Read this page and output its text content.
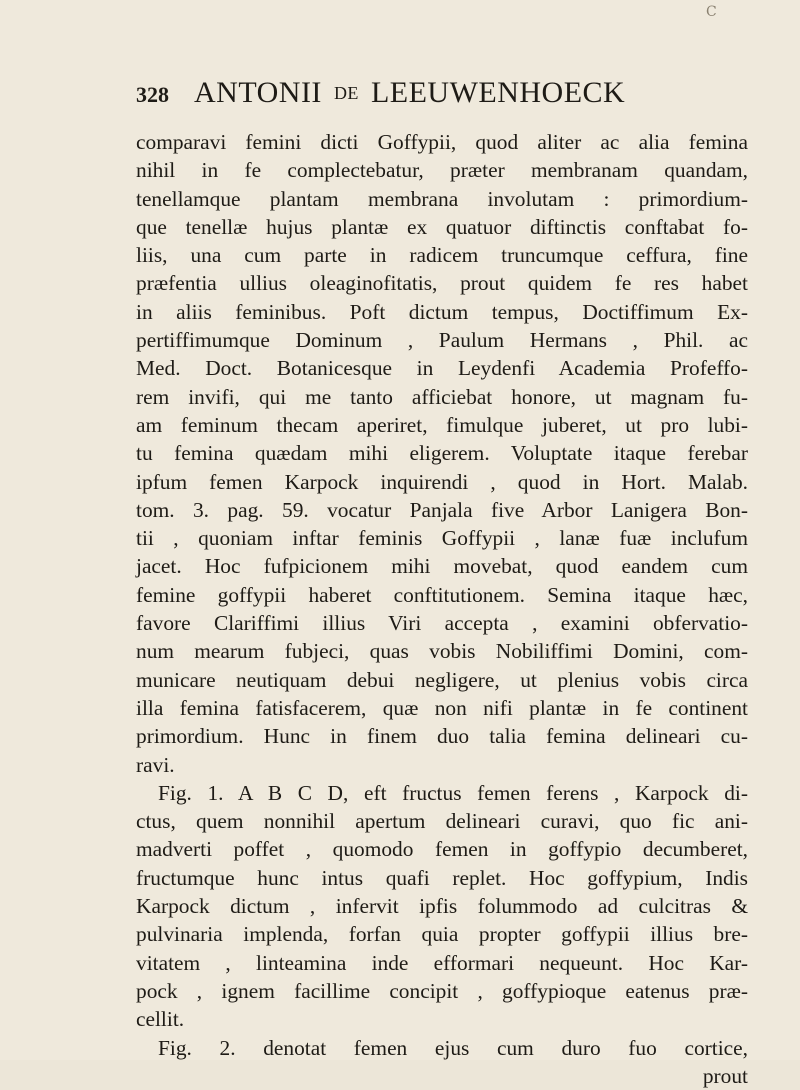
C
328 ANTONII DE LEEUWENHOECK
comparavi femini dicti Goffypii, quod aliter ac alia femina
nihil in fe complectebatur, præter membranam quandam,
tenellamque plantam membrana involutam : primordium-
que tenellæ hujus plantæ ex quatuor diftinctis conftabat fo-
liis, una cum parte in radicem truncumque ceffura, fine
præfentia ullius oleaginofitatis, prout quidem fe res habet
in aliis feminibus. Poft dictum tempus, Doctiffimum Ex-
pertiffimumque Dominum , Paulum Hermans , Phil. ac
Med. Doct. Botanicesque in Leydenfi Academia Profeffo-
rem invifi, qui me tanto afficiebat honore, ut magnam fu-
am feminum thecam aperiret, fimulque juberet, ut pro lubi-
tu femina quædam mihi eligerem. Voluptate itaque ferebar
ipfum femen Karpock inquirendi , quod in Hort. Malab.
tom. 3. pag. 59. vocatur Panjala five Arbor Lanigera Bon-
tii , quoniam inftar feminis Goffypii , lanæ fuæ inclufum
jacet. Hoc fufpicionem mihi movebat, quod eandem cum
femine goffypii haberet conftitutionem. Semina itaque hæc,
favore Clariffimi illius Viri accepta , examini obfervatio-
num mearum fubjeci, quas vobis Nobiliffimi Domini, com-
municare neutiquam debui negligere, ut plenius vobis circa
illa femina fatisfacerem, quæ non nifi plantæ in fe continent
primordium. Hunc in finem duo talia femina delineari cu-
ravi.
Fig. 1. A B C D, eft fructus femen ferens , Karpock di-
ctus, quem nonnihil apertum delineari curavi, quo fic ani-
madverti poffet , quomodo femen in goffypio decumberet,
fructumque hunc intus quafi replet. Hoc goffypium, Indis
Karpock dictum , infervit ipfis folummodo ad culcitras &
pulvinaria implenda, forfan quia propter goffypii illius bre-
vitatem , linteamina inde efformari nequeunt. Hoc Kar-
pock , ignem facillime concipit , goffypioque eatenus præ-
cellit.
Fig. 2. denotat femen ejus cum duro fuo cortice,
prout
